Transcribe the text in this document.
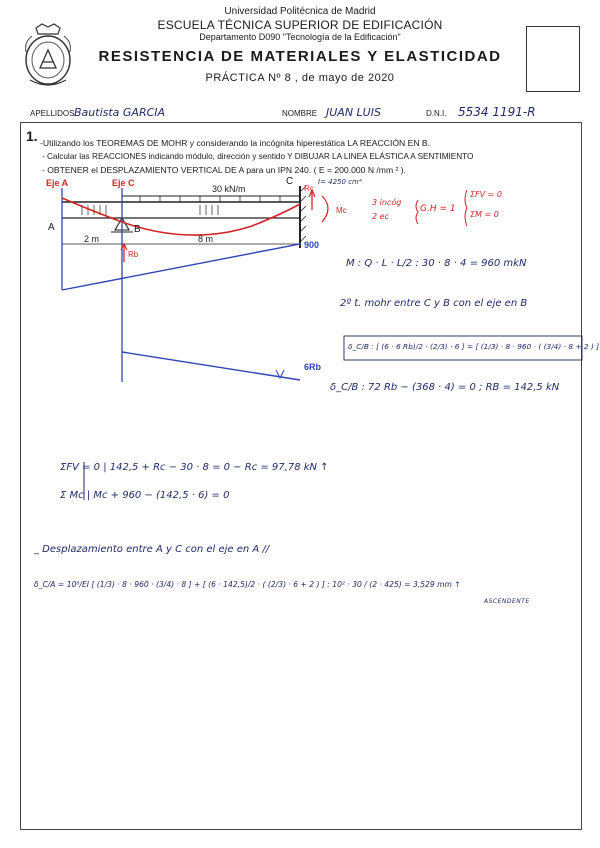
Universidad Politécnica de Madrid
ESCUELA TÉCNICA SUPERIOR DE EDIFICACIÓN
Departamento D090 "Tecnología de la Edificación"
RESISTENCIA DE MATERIALES Y ELASTICIDAD
PRÁCTICA Nº 8 , de mayo de 2020
APELLIDOS:
Bautista GARCIA	NOMBRE JUAN LUIS	D.N.I. 5534 1191-R
1. -Utilizando los TEOREMAS DE MOHR y considerando la incógnita hiperestática LA REACCIÓN EN B.
- Calcular las REACCIONES indicando módulo, dirección y sentido Y DIBUJAR LA LINEA ELÁSTICA A SENTIMIENTO
- OBTENER el DESPLAZAMIENTO VERTICAL DE A para un IPN 240. ( E = 200.000 N /mm ² ).
Eje A	Eje C
30 kN/m
I= 4250 cm⁴
A	B
C
2 m	8 m
Rb
Rc
Mc
900
6Rb
3 incóg
2 ec
G.H = 1
ΣFV = 0
ΣM = 0
M : Q · L · L/2 : 30 · 8 · 4 = 960 mkN
2º t. mohr entre C y B con el eje en B
δ_C/B : [ (6 · 6 Rb)/2 · (2/3) · 6 ] = [ (1/3) · 8 · 960 · ( (3/4) · 8 + 2 ) ]
δ_C/B : 72 Rb − (368 · 4) = 0 ; RB = 142,5 kN
ΣFV = 0 | 142,5 + Rc − 30 · 8 = 0 − Rc = 97,78 kN ↑
Σ Mc | Mc + 960 − (142,5 · 6) = 0
_ Desplazamiento entre A y C con el eje en A //
δ_C/A = 10⁸/EI [ (1/3) · 8 · 960 · (3/4) · 8 ] + [ (6 · 142,5)/2 · ( (2/3) · 6 + 2 ) ] : 10² · 30 / (2 · 425) = 3,529 mm ↑
ASCENDENTE
